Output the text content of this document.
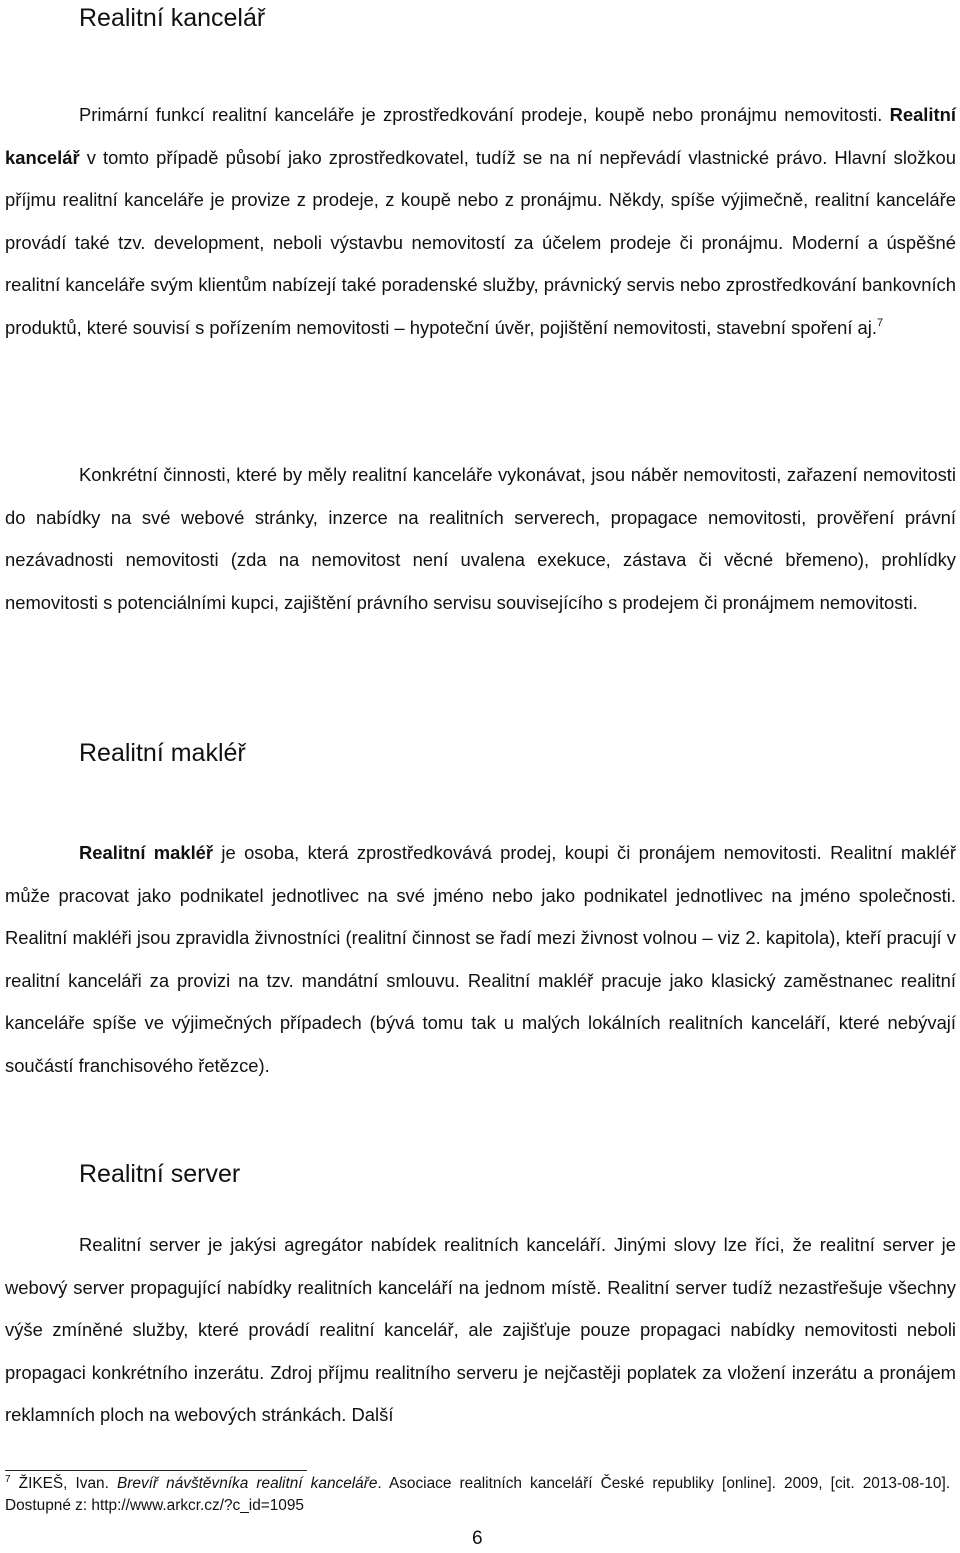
Realitní kancelář

Primární funkcí realitní kanceláře je zprostředkování prodeje, koupě nebo pronájmu nemovitosti. Realitní kancelář v tomto případě působí jako zprostředkovatel, tudíž se na ní nepřevádí vlastnické právo. Hlavní složkou příjmu realitní kanceláře je provize z prodeje, z koupě nebo z pronájmu. Někdy, spíše výjimečně, realitní kanceláře provádí také tzv. development, neboli výstavbu nemovitostí za účelem prodeje či pronájmu. Moderní a úspěšné realitní kanceláře svým klientům nabízejí také poradenské služby, právnický servis nebo zprostředkování bankovních produktů, které souvisí s pořízením nemovitosti – hypoteční úvěr, pojištění nemovitosti, stavební spoření aj.$^7$

Konkrétní činnosti, které by měly realitní kanceláře vykonávat, jsou náběr nemovitosti, zařazení nemovitosti do nabídky na své webové stránky, inzerce na realitních serverech, propagace nemovitosti, prověření právní nezávadnosti nemovitosti (zda na nemovitost není uvalena exekuce, zástava či věcné břemeno), prohlídky nemovitosti s potenciálními kupci, zajištění právního servisu souvisejícího s prodejem či pronájmem nemovitosti.

Realitní makléř

Realitní makléř je osoba, která zprostředkovává prodej, koupi či pronájem nemovitosti. Realitní makléř může pracovat jako podnikatel jednotlivec na své jméno nebo jako podnikatel jednotlivec na jméno společnosti. Realitní makléři jsou zpravidla živnostníci (realitní činnost se řadí mezi živnost volnou – viz 2. kapitola), kteří pracují v realitní kanceláři za provizi na tzv. mandátní smlouvu. Realitní makléř pracuje jako klasický zaměstnanec realitní kanceláře spíše ve výjimečných případech (bývá tomu tak u malých lokálních realitních kanceláří, které nebývají součástí franchisového řetězce).

Realitní server

Realitní server je jakýsi agregátor nabídek realitních kanceláří. Jinými slovy lze říci, že realitní server je webový server propagující nabídky realitních kanceláří na jednom místě. Realitní server tudíž nezastřešuje všechny výše zmíněné služby, které provádí realitní kancelář, ale zajišťuje pouze propagaci nabídky nemovitosti neboli propagaci konkrétního inzerátu. Zdroj příjmu realitního serveru je nejčastěji poplatek za vložení inzerátu a pronájem reklamních ploch na webových stránkách. Další

$^7$ ŽIKEŠ, Ivan. Brevíř návštěvníka realitní kanceláře. Asociace realitních kanceláří České republiky [online]. 2009, [cit. 2013-08-10]. Dostupné z: http://www.arkcr.cz/?c_id=1095

6
